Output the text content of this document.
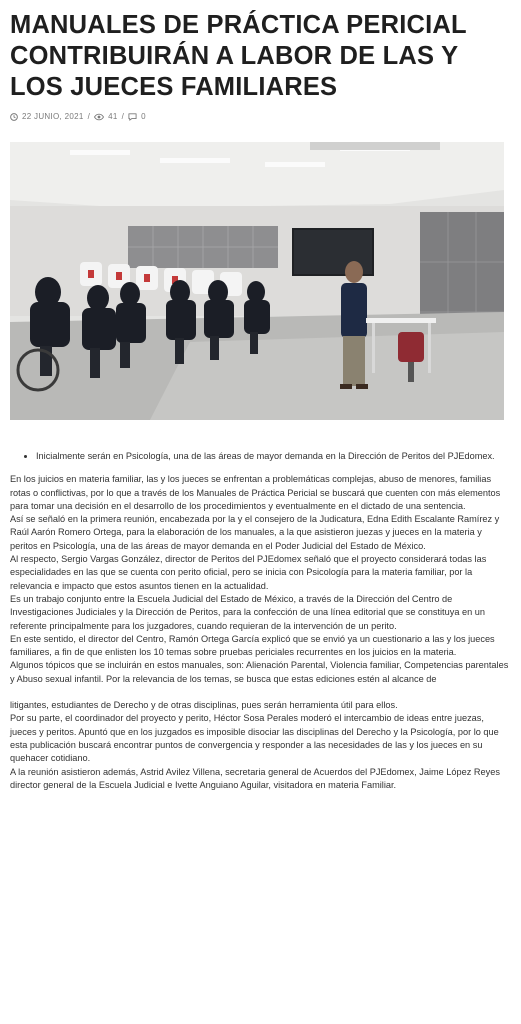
MANUALES DE PRÁCTICA PERICIAL CONTRIBUIRÁN A LABOR DE LAS Y LOS JUECES FAMILIARES
22 JUNIO, 2021 / 41 / 0
• Inicialmente serán en Psicología, una de las áreas de mayor demanda en la Dirección de Peritos del PJEdomex.

En los juicios en materia familiar, las y los jueces se enfrentan a problemáticas complejas, abuso de menores, familias rotas o conflictivas, por lo que a través de los Manuales de Práctica Pericial se buscará que cuenten con más elementos para tomar una decisión en el desarrollo de los procedimientos y eventualmente en el dictado de una sentencia.

Así se señaló en la primera reunión, encabezada por la y el consejero de la Judicatura, Edna Edith Escalante Ramírez y Raúl Aarón Romero Ortega, para la elaboración de los manuales, a la que asistieron juezas y jueces en la materia y peritos en Psicología, una de las áreas de mayor demanda en el Poder Judicial del Estado de México.

Al respecto, Sergio Vargas González, director de Peritos del PJEdomex señaló que el proyecto considerará todas las especialidades en las que se cuenta con perito oficial, pero se inicia con Psicología para la materia familiar, por la relevancia e impacto que estos asuntos tienen en la actualidad.

Es un trabajo conjunto entre la Escuela Judicial del Estado de México, a través de la Dirección del Centro de Investigaciones Judiciales y la Dirección de Peritos, para la confección de una línea editorial que se constituya en un referente principalmente para los juzgadores, cuando requieran de la intervención de un perito.

En este sentido, el director del Centro, Ramón Ortega García explicó que se envió ya un cuestionario a las y los jueces familiares, a fin de que enlisten los 10 temas sobre pruebas periciales recurrentes en los juicios en la materia.

Algunos tópicos que se incluirán en estos manuales, son: Alienación Parental, Violencia familiar, Competencias parentales y Abuso sexual infantil. Por la relevancia de los temas, se busca que estas ediciones estén al alcance de

litigantes, estudiantes de Derecho y de otras disciplinas, pues serán herramienta útil para ellos.

Por su parte, el coordinador del proyecto y perito, Héctor Sosa Perales moderó el intercambio de ideas entre juezas, jueces y peritos. Apuntó que en los juzgados es imposible disociar las disciplinas del Derecho y la Psicología, por lo que esta publicación buscará encontrar puntos de convergencia y responder a las necesidades de las y los jueces en su quehacer cotidiano.

A la reunión asistieron además, Astrid Avilez Villena, secretaria general de Acuerdos del PJEdomex, Jaime López Reyes director general de la Escuela Judicial e Ivette Anguiano Aguilar, visitadora en materia Familiar.
